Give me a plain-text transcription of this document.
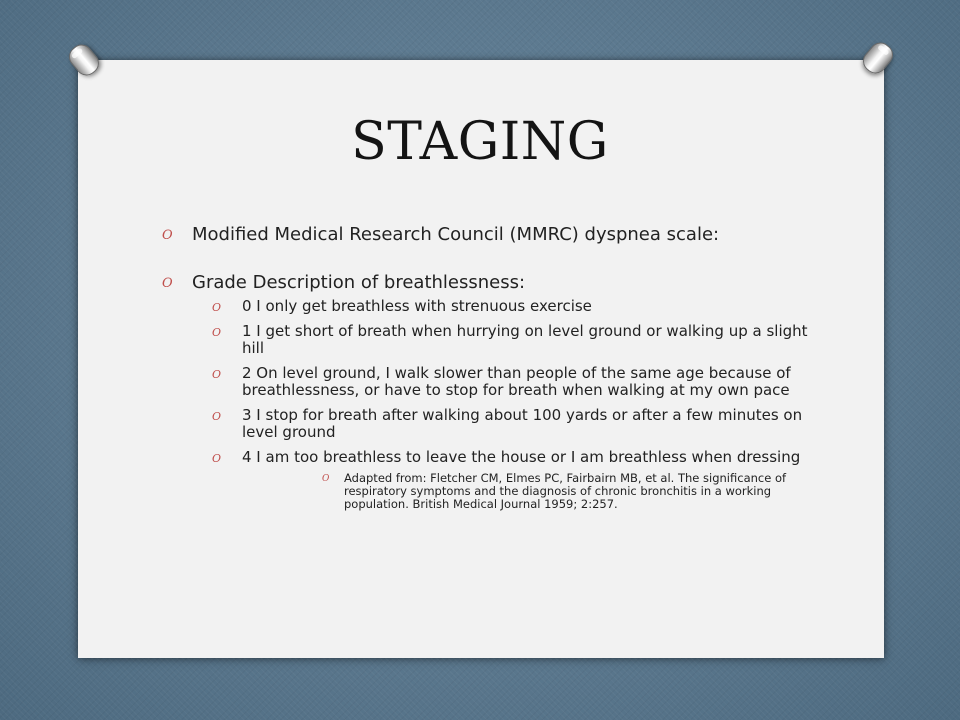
STAGING
O Modified Medical Research Council (MMRC) dyspnea scale:
O Grade Description of breathlessness:
O 0 I only get breathless with strenuous exercise
O 1 I get short of breath when hurrying on level ground or walking up a slight hill
O 2 On level ground, I walk slower than people of the same age because of breathlessness, or have to stop for breath when walking at my own pace
O 3 I stop for breath after walking about 100 yards or after a few minutes on level ground
O 4 I am too breathless to leave the house or I am breathless when dressing
O Adapted from: Fletcher CM, Elmes PC, Fairbairn MB, et al. The significance of respiratory symptoms and the diagnosis of chronic bronchitis in a working population. British Medical Journal 1959; 2:257.
